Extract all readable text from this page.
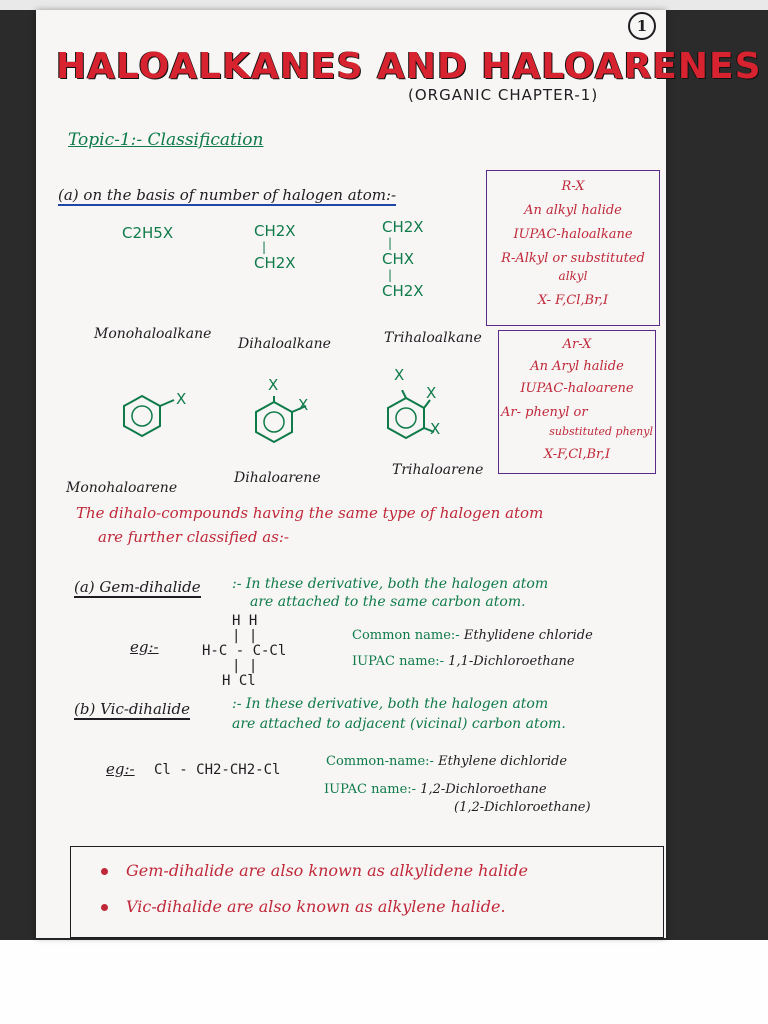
1
HALOALKANES AND HALOARENES
(ORGANIC CHAPTER-1)
Topic-1:- Classification
(a) on the basis of number of halogen atom:-
C2H5X	CH2X
|
CH2X
CH2X
|
CHX
|
CH2X
Monohaloalkane
Dihaloalkane	Trihaloalkane
R-X
An alkyl halide
IUPAC-haloalkane
R-Alkyl or substituted
alkyl
X- F,Cl,Br,I
X
X
X
X
X
X
Monohaloarene
Dihaloarene	Trihaloarene
Ar-X
An Aryl halide
IUPAC-haloarene
Ar- phenyl or
substituted phenyl
X-F,Cl,Br,I
The dihalo-compounds having the same type of halogen atom
are further classified as:-
(a) Gem-dihalide :- In these derivative, both the halogen atom
are attached to the same carbon atom.
eg:-
H H
| |
H-C - C-Cl
| |
H Cl
Common name:- Ethylidene chloride
IUPAC name:- 1,1-Dichloroethane
(b) Vic-dihalide	:- In these derivative, both the halogen atom
are attached to adjacent (vicinal) carbon atom.
eg:- Cl - CH2-CH2-Cl
Common-name:- Ethylene dichloride
IUPAC name:- 1,2-Dichloroethane
(1,2-Dichloroethane)
Gem-dihalide are also known as alkylidene halide
Vic-dihalide are also known as alkylene halide.
